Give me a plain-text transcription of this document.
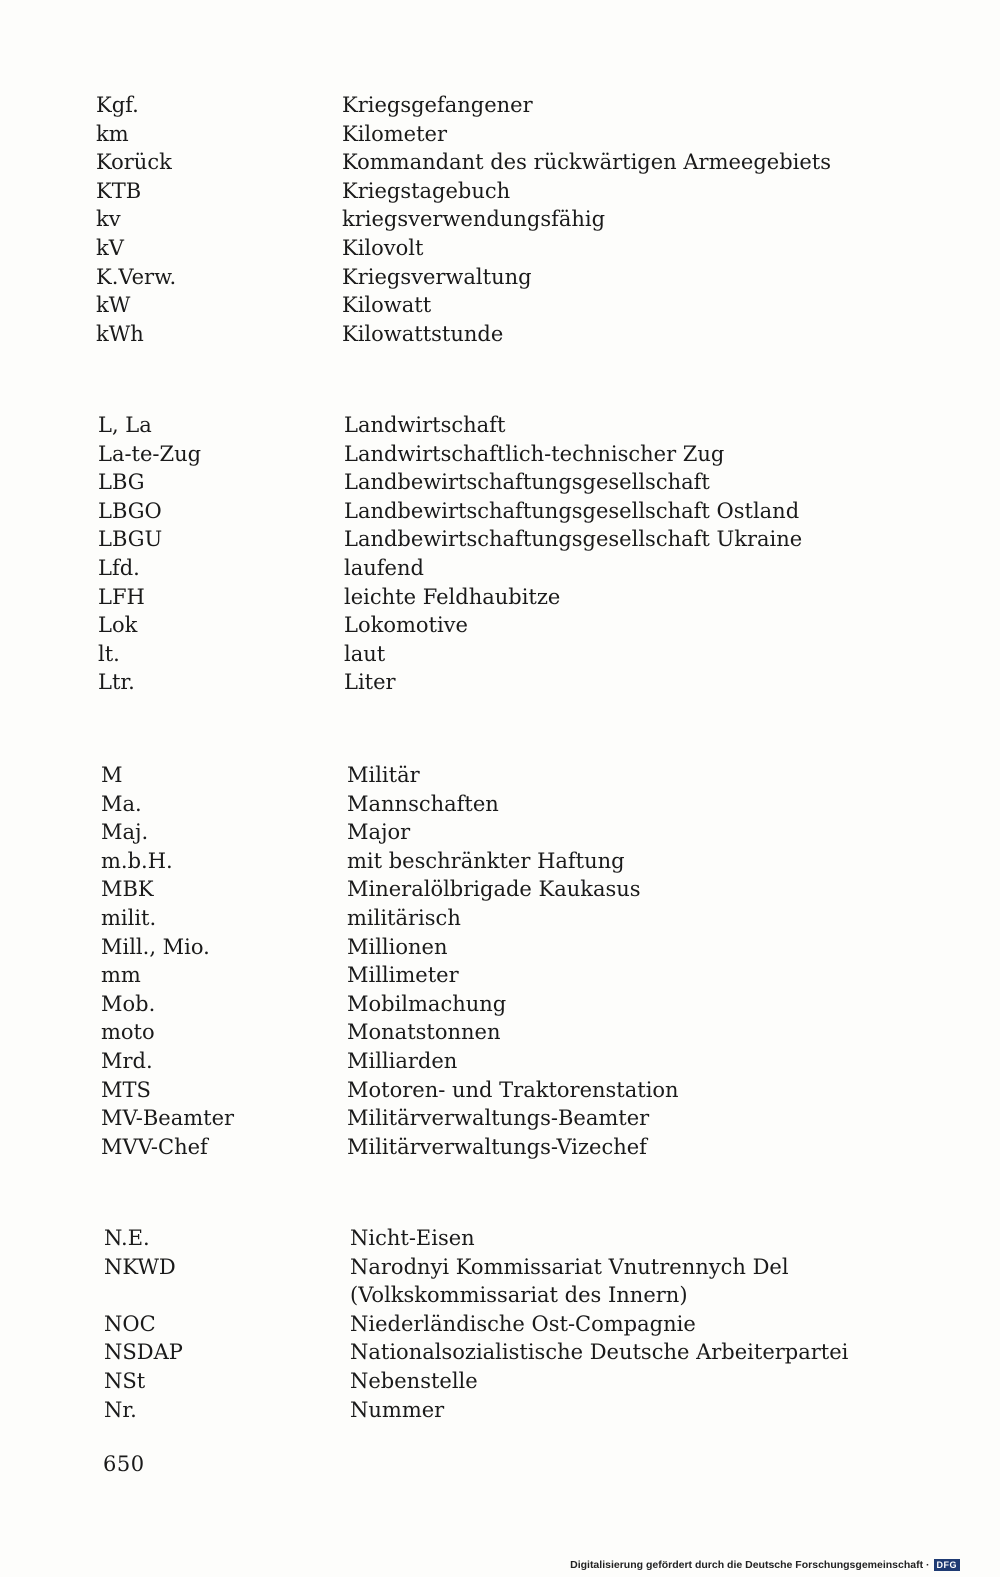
Kgf.	Kriegsgefangener
km	Kilometer
Korück	Kommandant des rückwärtigen Armeegebiets
KTB	Kriegstagebuch
kv	kriegsverwendungsfähig
kV	Kilovolt
K.Verw.	Kriegsverwaltung
kW	Kilowatt
kWh	Kilowattstunde
L, La	Landwirtschaft
La-te-Zug	Landwirtschaftlich-technischer Zug
LBG	Landbewirtschaftungsgesellschaft
LBGO	Landbewirtschaftungsgesellschaft Ostland
LBGU	Landbewirtschaftungsgesellschaft Ukraine
Lfd.	laufend
LFH	leichte Feldhaubitze
Lok	Lokomotive
lt.	laut
Ltr.	Liter
M	Militär
Ma.	Mannschaften
Maj.	Major
m.b.H.	mit beschränkter Haftung
MBK	Mineralölbrigade Kaukasus
milit.	militärisch
Mill., Mio.	Millionen
mm	Millimeter
Mob.	Mobilmachung
moto	Monatstonnen
Mrd.	Milliarden
MTS	Motoren- und Traktorenstation
MV-Beamter	Militärverwaltungs-Beamter
MVV-Chef	Militärverwaltungs-Vizechef
N.E.	Nicht-Eisen
NKWD	Narodnyi Kommissariat Vnutrennych Del
(Volkskommissariat des Innern)
NOC	Niederländische Ost-Compagnie
NSDAP	Nationalsozialistische Deutsche Arbeiterpartei
NSt	Nebenstelle
Nr.	Nummer
650
Digitalisierung gefördert durch die Deutsche Forschungsgemeinschaft · DFG
